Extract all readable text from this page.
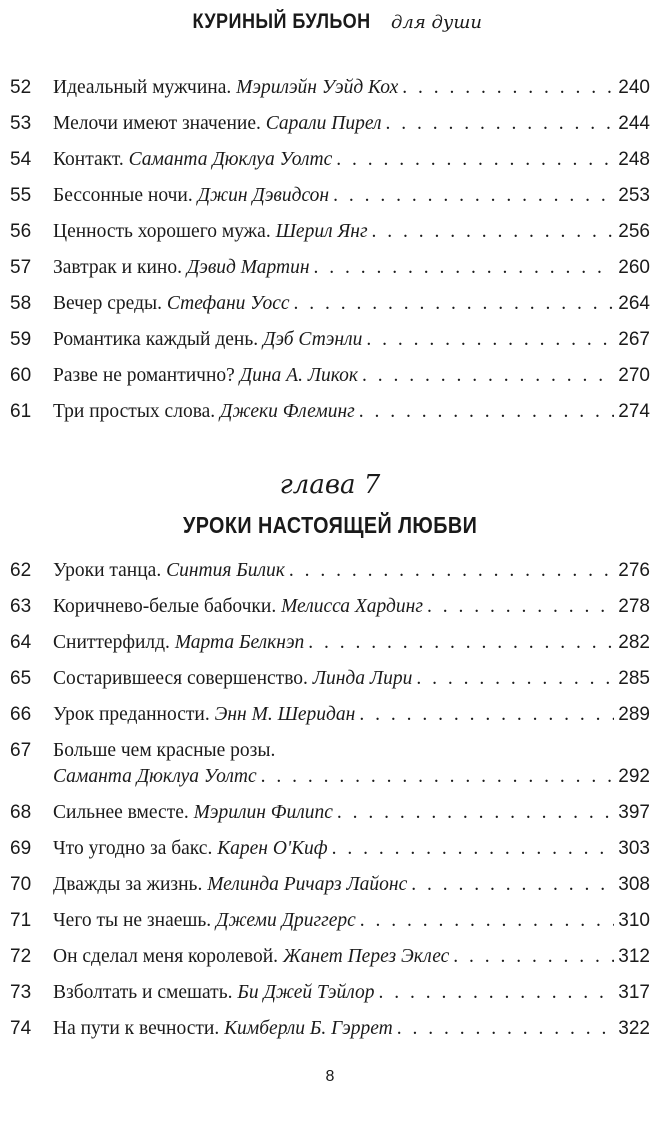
КУРИНЫЙ БУЛЬОН для души
52	Идеальный мужчина. Мэрилэйн Уэйд Кох . . .	240
53	Мелочи имеют значение. Сарали Пирел . . .	244
54	Контакт. Саманта Дюклуа Уолтс . . .	248
55	Бессонные ночи. Джин Дэвидсон . . .	253
56	Ценность хорошего мужа. Шерил Янг . . .	256
57	Завтрак и кино. Дэвид Мартин . . .	260
58	Вечер среды. Стефани Уосс . . .	264
59	Романтика каждый день. Дэб Стэнли . . .	267
60	Разве не романтично? Дина А. Ликок . . .	270
61	Три простых слова. Джеки Флеминг . . .	274
глава 7
УРОКИ НАСТОЯЩЕЙ ЛЮБВИ
62	Уроки танца. Синтия Билик . . .	276
63	Коричнево-белые бабочки. Мелисса Хардинг . . .	278
64	Сниттерфилд. Марта Белкнэп . . .	282
65	Состарившееся совершенство. Линда Лири . . .	285
66	Урок преданности. Энн М. Шеридан . . .	289
67	Больше чем красные розы.
Саманта Дюклуа Уолтс . . .	292
68	Сильнее вместе. Мэрилин Филипс . . .	397
69	Что угодно за бакс. Карен О'Киф . . .	303
70	Дважды за жизнь. Мелинда Ричарз Лайонс . . .	308
71	Чего ты не знаешь. Джеми Дриггерс . . .	310
72	Он сделал меня королевой. Жанет Перез Эклес . . .	312
73	Взболтать и смешать. Би Джей Тэйлор . . .	317
74	На пути к вечности. Кимберли Б. Гэррет . . .	322
8
